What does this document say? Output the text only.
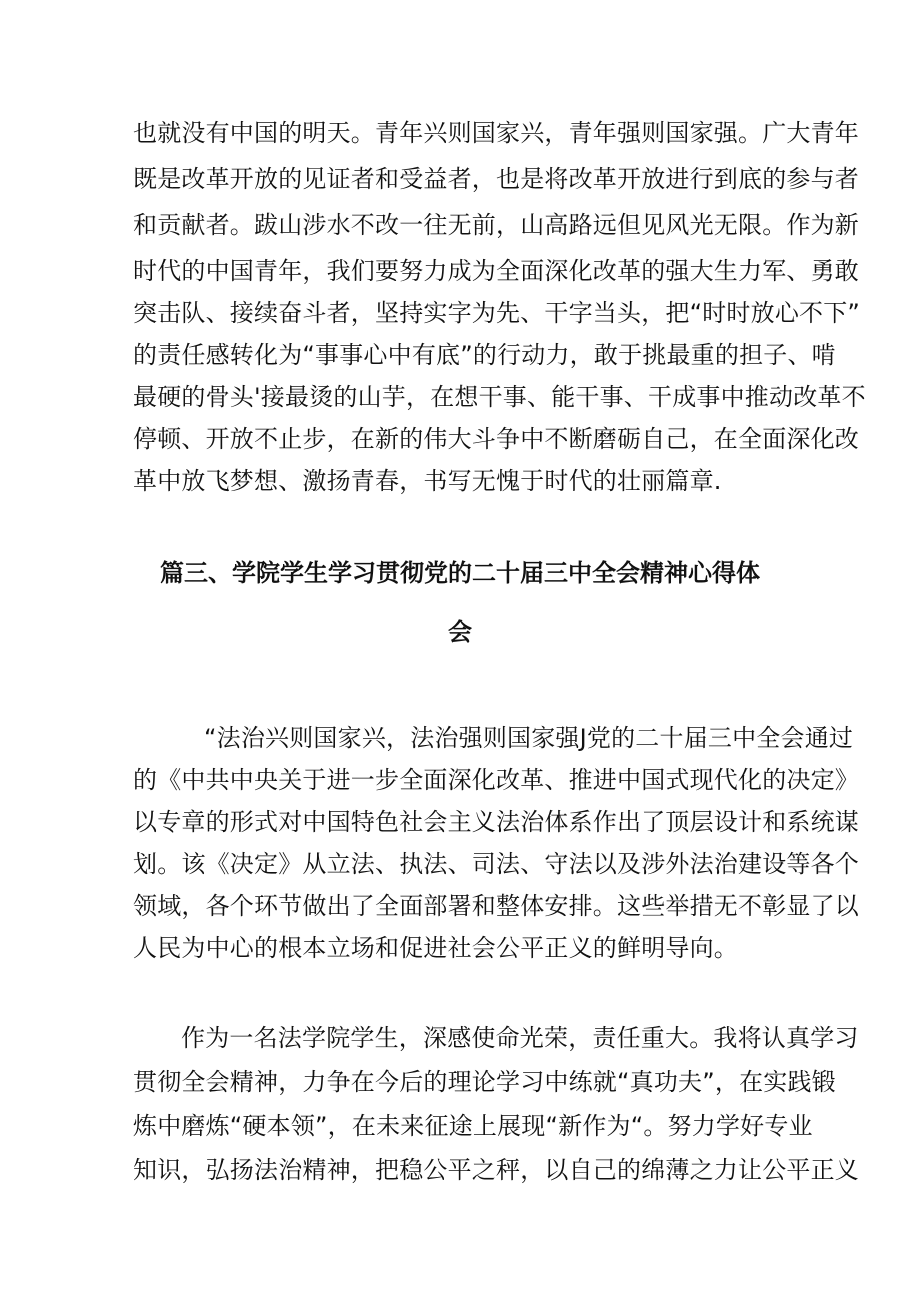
也就没有中国的明天。青年兴则国家兴，青年强则国家强。广大青年
既是改革开放的见证者和受益者，也是将改革开放进行到底的参与者
和贡献者。跋山涉水不改一往无前，山高路远但见风光无限。作为新
时代的中国青年，我们要努力成为全面深化改革的强大生力军、勇敢
突击队、接续奋斗者，坚持实字为先、干字当头，把“时时放心不下”
的责任感转化为“事事心中有底”的行动力，敢于挑最重的担子、啃
最硬的骨头'接最烫的山芋，在想干事、能干事、干成事中推动改革不
停顿、开放不止步，在新的伟大斗争中不断磨砺自己，在全面深化改
革中放飞梦想、激扬青春，书写无愧于时代的壮丽篇章.
篇三、学院学生学习贯彻党的二十届三中全会精神心得体
会
“法治兴则国家兴，法治强则国家强J党的二十届三中全会通过
的《中共中央关于进一步全面深化改革、推进中国式现代化的决定》
以专章的形式对中国特色社会主义法治体系作出了顶层设计和系统谋
划。该《决定》从立法、执法、司法、守法以及涉外法治建设等各个
领域，各个环节做出了全面部署和整体安排。这些举措无不彰显了以
人民为中心的根本立场和促进社会公平正义的鲜明导向。
作为一名法学院学生，深感使命光荣，责任重大。我将认真学习
贯彻全会精神，力争在今后的理论学习中练就“真功夫”，在实践锻
炼中磨炼“硬本领”，在未来征途上展现“新作为“。努力学好专业
知识，弘扬法治精神，把稳公平之秤，以自己的绵薄之力让公平正义
